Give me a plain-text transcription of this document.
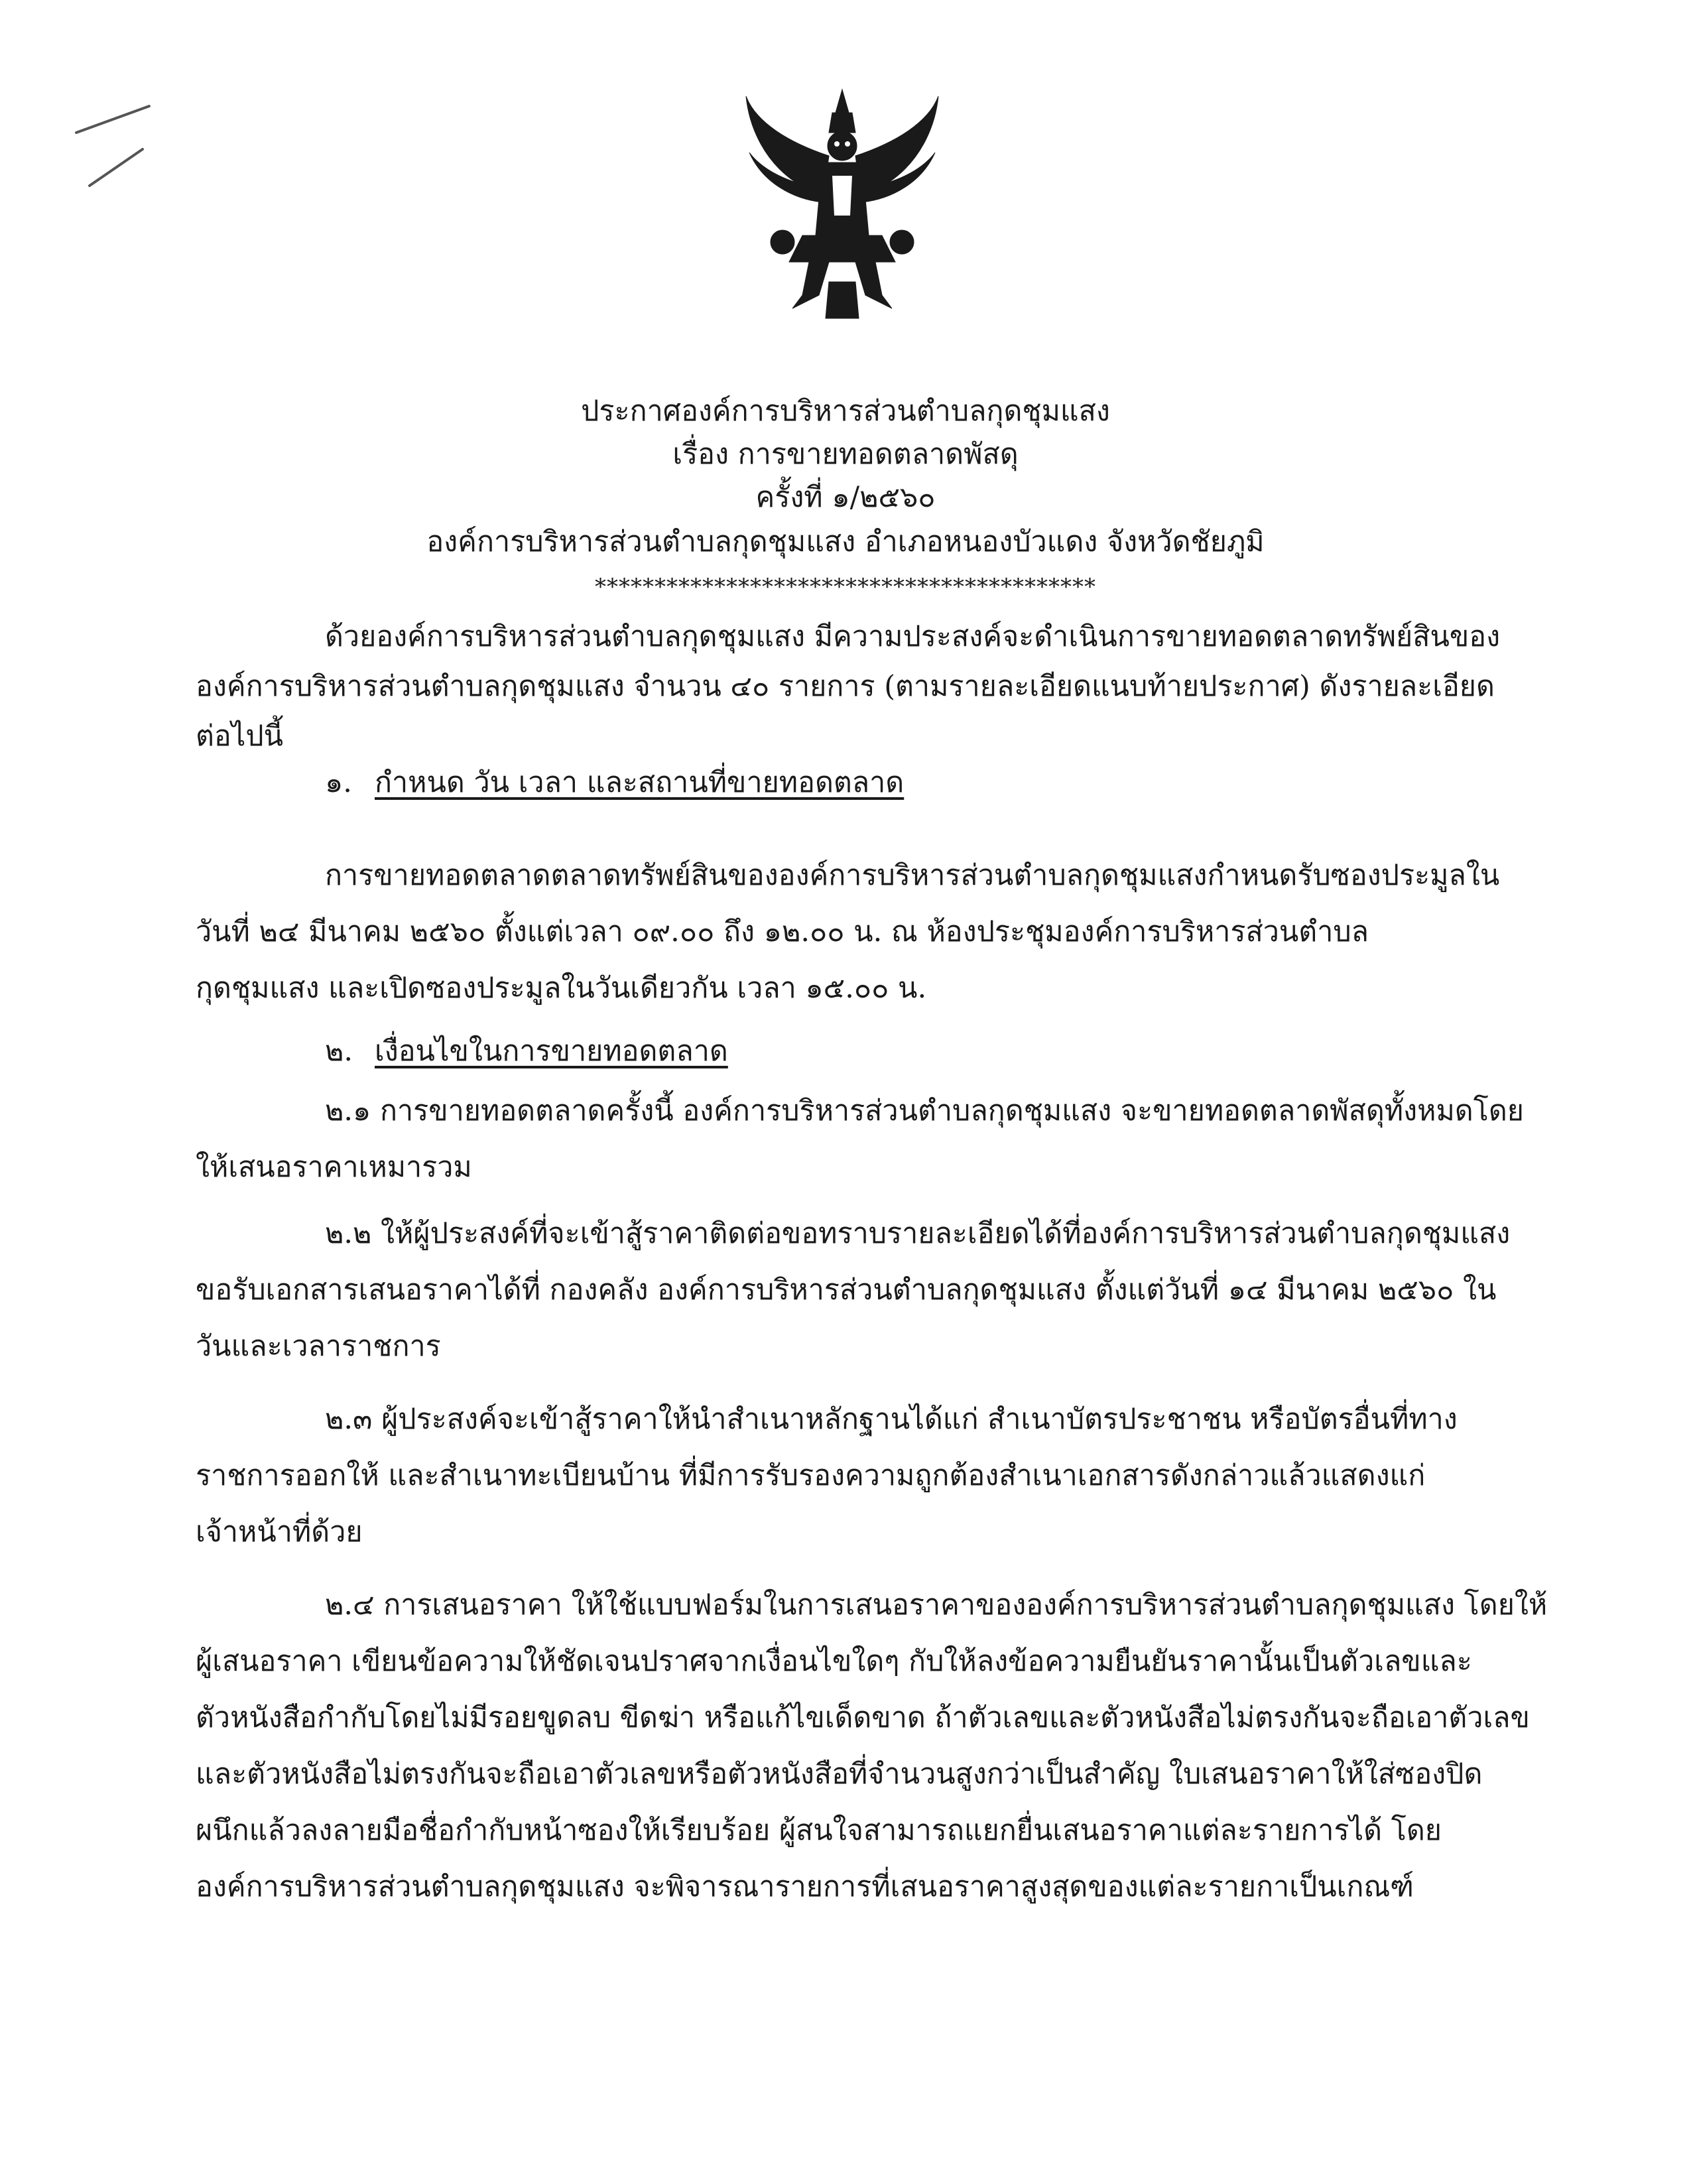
ประกาศองค์การบริหารส่วนตำบลกุดชุมแสง
เรื่อง การขายทอดตลาดพัสดุ
ครั้งที่ ๑/๒๕๖๐
องค์การบริหารส่วนตำบลกุดชุมแสง อำเภอหนองบัวแดง จังหวัดชัยภูมิ
******************************************
ด้วยองค์การบริหารส่วนตำบลกุดชุมแสง มีความประสงค์จะดำเนินการขายทอดตลาดทรัพย์สินของ
องค์การบริหารส่วนตำบลกุดชุมแสง จำนวน ๔๐ รายการ (ตามรายละเอียดแนบท้ายประกาศ) ดังรายละเอียด
ต่อไปนี้
๑. กำหนด วัน เวลา และสถานที่ขายทอดตลาด
การขายทอดตลาดตลาดทรัพย์สินขององค์การบริหารส่วนตำบลกุดชุมแสงกำหนดรับซองประมูลใน
วันที่ ๒๔ มีนาคม ๒๕๖๐ ตั้งแต่เวลา ๐๙.๐๐ ถึง ๑๒.๐๐ น. ณ ห้องประชุมองค์การบริหารส่วนตำบล
กุดชุมแสง และเปิดซองประมูลในวันเดียวกัน เวลา ๑๕.๐๐ น.
๒. เงื่อนไขในการขายทอดตลาด
๒.๑ การขายทอดตลาดครั้งนี้ องค์การบริหารส่วนตำบลกุดชุมแสง จะขายทอดตลาดพัสดุทั้งหมดโดย
ให้เสนอราคาเหมารวม
๒.๒ ให้ผู้ประสงค์ที่จะเข้าสู้ราคาติดต่อขอทราบรายละเอียดได้ที่องค์การบริหารส่วนตำบลกุดชุมแสง
ขอรับเอกสารเสนอราคาได้ที่ กองคลัง องค์การบริหารส่วนตำบลกุดชุมแสง ตั้งแต่วันที่ ๑๔ มีนาคม ๒๕๖๐ ใน
วันและเวลาราชการ
๒.๓ ผู้ประสงค์จะเข้าสู้ราคาให้นำสำเนาหลักฐานได้แก่ สำเนาบัตรประชาชน หรือบัตรอื่นที่ทาง
ราชการออกให้ และสำเนาทะเบียนบ้าน ที่มีการรับรองความถูกต้องสำเนาเอกสารดังกล่าวแล้วแสดงแก่
เจ้าหน้าที่ด้วย
๒.๔ การเสนอราคา ให้ใช้แบบฟอร์มในการเสนอราคาขององค์การบริหารส่วนตำบลกุดชุมแสง โดยให้
ผู้เสนอราคา เขียนข้อความให้ชัดเจนปราศจากเงื่อนไขใดๆ กับให้ลงข้อความยืนยันราคานั้นเป็นตัวเลขและ
ตัวหนังสือกำกับโดยไม่มีรอยขูดลบ ขีดฆ่า หรือแก้ไขเด็ดขาด ถ้าตัวเลขและตัวหนังสือไม่ตรงกันจะถือเอาตัวเลข
และตัวหนังสือไม่ตรงกันจะถือเอาตัวเลขหรือตัวหนังสือที่จำนวนสูงกว่าเป็นสำคัญ ใบเสนอราคาให้ใส่ซองปิด
ผนึกแล้วลงลายมือชื่อกำกับหน้าซองให้เรียบร้อย ผู้สนใจสามารถแยกยื่นเสนอราคาแต่ละรายการได้ โดย
องค์การบริหารส่วนตำบลกุดชุมแสง จะพิจารณารายการที่เสนอราคาสูงสุดของแต่ละรายกาเป็นเกณฑ์
